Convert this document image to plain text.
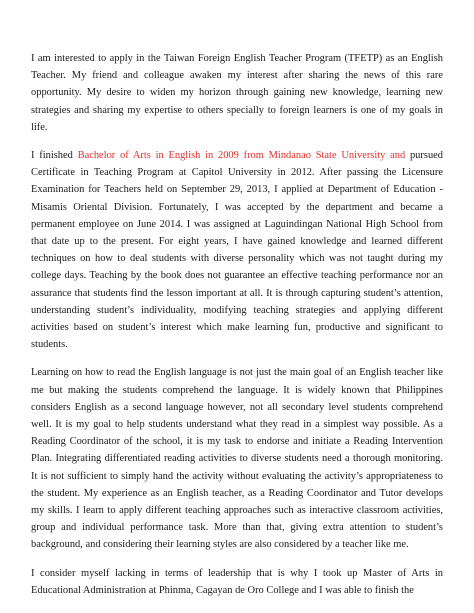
I am interested to apply in the Taiwan Foreign English Teacher Program (TFETP) as an English Teacher. My friend and colleague awaken my interest after sharing the news of this rare opportunity. My desire to widen my horizon through gaining new knowledge, learning new strategies and sharing my expertise to others specially to foreign learners is one of my goals in life.

I finished Bachelor of Arts in English in 2009 from Mindanao State University and pursued Certificate in Teaching Program at Capitol University in 2012. After passing the Licensure Examination for Teachers held on September 29, 2013, I applied at Department of Education -Misamis Oriental Division. Fortunately, I was accepted by the department and became a permanent employee on June 2014. I was assigned at Laguindingan National High School from that date up to the present. For eight years, I have gained knowledge and learned different techniques on how to deal students with diverse personality which was not taught during my college days. Teaching by the book does not guarantee an effective teaching performance nor an assurance that students find the lesson important at all. It is through capturing student’s attention, understanding student’s individuality, modifying teaching strategies and applying different activities based on student’s interest which make learning fun, productive and significant to students.

Learning on how to read the English language is not just the main goal of an English teacher like me but making the students comprehend the language. It is widely known that Philippines considers English as a second language however, not all secondary level students comprehend well. It is my goal to help students understand what they read in a simplest way possible. As a Reading Coordinator of the school, it is my task to endorse and initiate a Reading Intervention Plan. Integrating differentiated reading activities to diverse students need a thorough monitoring. It is not sufficient to simply hand the activity without evaluating the activity’s appropriateness to the student. My experience as an English teacher, as a Reading Coordinator and Tutor develops my skills. I learn to apply different teaching approaches such as interactive classroom activities, group and individual performance task. More than that, giving extra attention to student’s background, and considering their learning styles are also considered by a teacher like me.

I consider myself lacking in terms of leadership that is why I took up Master of Arts in Educational Administration at Phinma, Cagayan de Oro College and I was able to finish the
